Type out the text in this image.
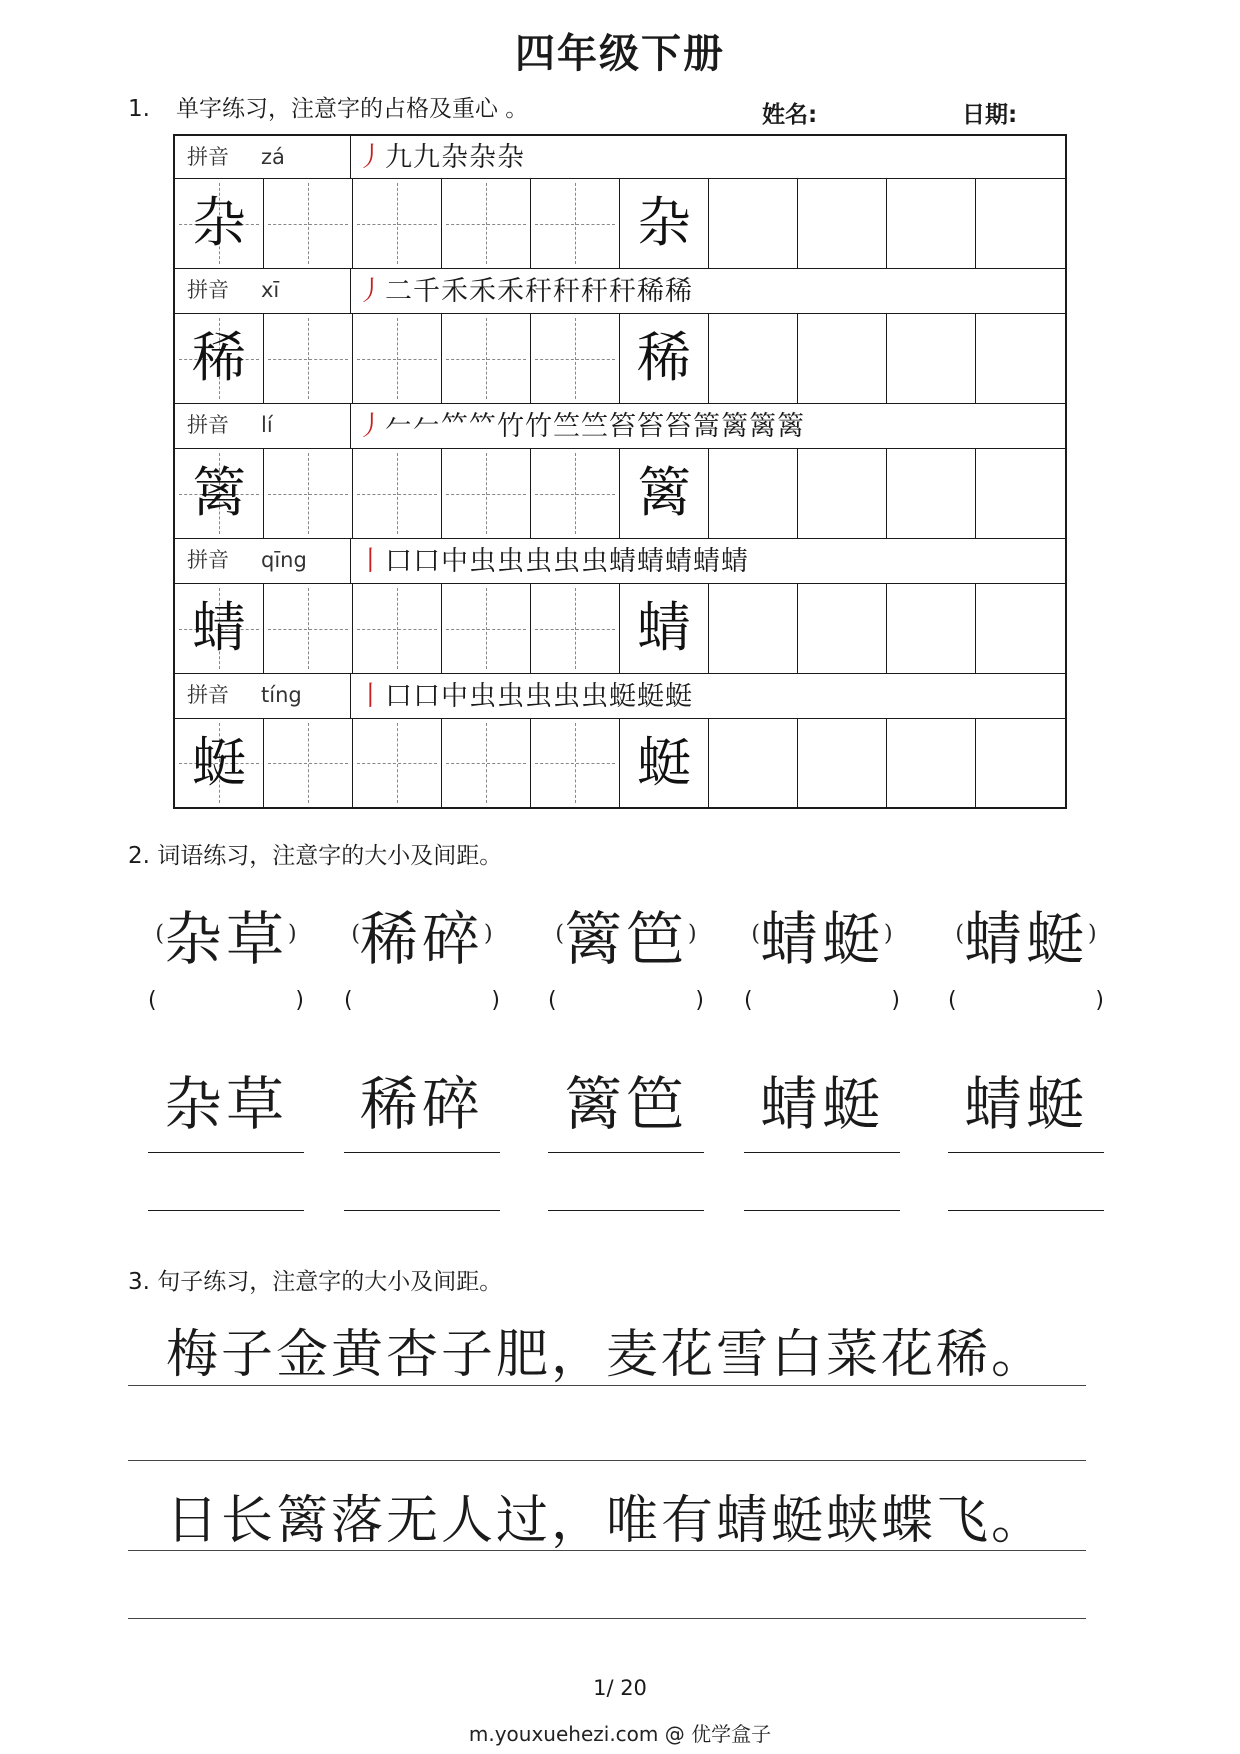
四年级下册
1. 单字练习，注意字的占格及重心 。	姓名:	日期:
拼音 zá	丿 九 九 杂 杂 杂
杂	杂
拼音 xī	丿 二 千 禾 禾 禾 秆 秆 秆 秆 稀 稀
稀	稀
拼音 lí	丿 𠂉 𠂉 𥫗 𥫗 竹 竹 竺 竺 笞 笞 笞 篙 篱 篱 篱
篱	篱
拼音 qīng 丨 口 口 中 虫 虫 虫 虫 虫 蜻 蜻 蜻 蜻 蜻
蜻	蜻
拼音 tíng 丨 口 口 中 虫 虫 虫 虫 虫 蜓 蜓 蜓
蜓	蜓
2. 词语练习，注意字的大小及间距。
(杂草)	(稀碎)	(篱笆)	(蜻蜓)	(蜻蜓)
(	) (	) (	) (	) (	)
杂草 稀碎 篱笆 蜻蜓 蜻蜓
3. 句子练习，注意字的大小及间距。
梅子金黄杏子肥，麦花雪白菜花稀。
日长篱落无人过，唯有蜻蜓蛱蝶飞。
1/ 20
m.youxuehezi.com @ 优学盒子
